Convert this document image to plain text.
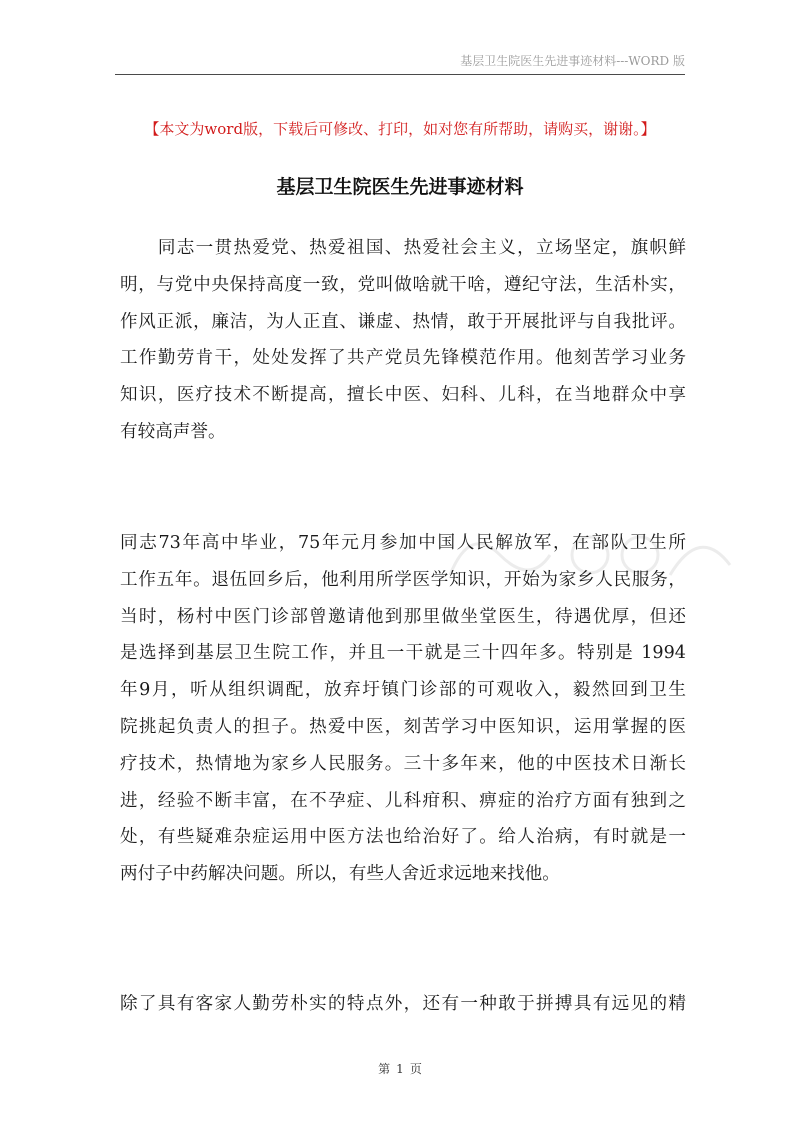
基层卫生院医生先进事迹材料---WORD 版
【本文为word版，下载后可修改、打印，如对您有所帮助，请购买，谢谢。】
基层卫生院医生先进事迹材料
　　同志一贯热爱党、热爱祖国、热爱社会主义，立场坚定，旗帜鲜
明，与党中央保持高度一致，党叫做啥就干啥，遵纪守法，生活朴实，
作风正派，廉洁，为人正直、谦虚、热情，敢于开展批评与自我批评。
工作勤劳肯干，处处发挥了共产党员先锋模范作用。他刻苦学习业务
知识，医疗技术不断提高，擅长中医、妇科、儿科，在当地群众中享
有较高声誉。
同志73年高中毕业，75年元月参加中国人民解放军，在部队卫生所
工作五年。退伍回乡后，他利用所学医学知识，开始为家乡人民服务，
当时，杨村中医门诊部曾邀请他到那里做坐堂医生，待遇优厚，但还
是选择到基层卫生院工作，并且一干就是三十四年多。特别是 1994
年9月，听从组织调配，放弃圩镇门诊部的可观收入，毅然回到卫生
院挑起负责人的担子。热爱中医，刻苦学习中医知识，运用掌握的医
疗技术，热情地为家乡人民服务。三十多年来，他的中医技术日渐长
进，经验不断丰富，在不孕症、儿科疳积、痹症的治疗方面有独到之
处，有些疑难杂症运用中医方法也给治好了。给人治病，有时就是一
两付子中药解决问题。所以，有些人舍近求远地来找他。
除了具有客家人勤劳朴实的特点外，还有一种敢于拼搏具有远见的精
第 1 页
